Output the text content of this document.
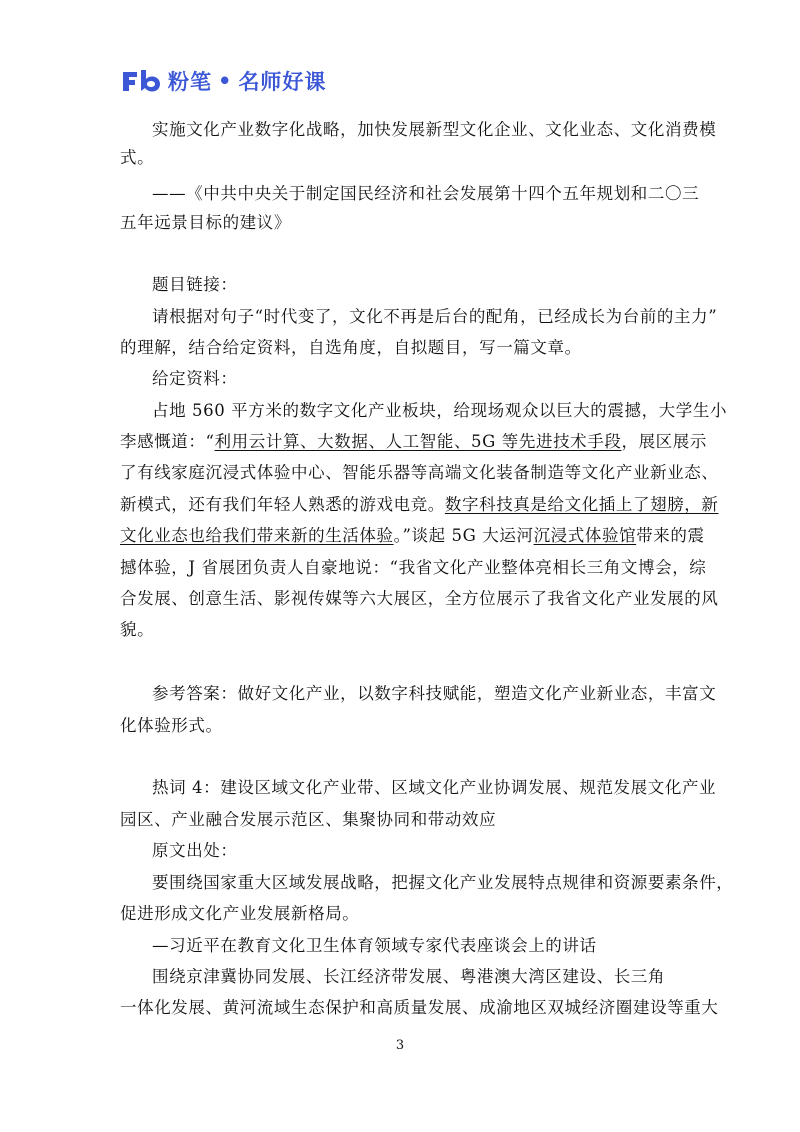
粉笔 • 名师好课
实施文化产业数字化战略，加快发展新型文化企业、文化业态、文化消费模
式。
——《中共中央关于制定国民经济和社会发展第十四个五年规划和二〇三
五年远景目标的建议》
题目链接：
请根据对句子“时代变了，文化不再是后台的配角，已经成长为台前的主力”
的理解，结合给定资料，自选角度，自拟题目，写一篇文章。
给定资料：
占地 560 平方米的数字文化产业板块，给现场观众以巨大的震撼，大学生小
李感慨道：“利用云计算、大数据、人工智能、5G 等先进技术手段，展区展示
了有线家庭沉浸式体验中心、智能乐器等高端文化装备制造等文化产业新业态、
新模式，还有我们年轻人熟悉的游戏电竞。数字科技真是给文化插上了翅膀，新
文化业态也给我们带来新的生活体验。”谈起 5G 大运河沉浸式体验馆带来的震
撼体验，J 省展团负责人自豪地说：“我省文化产业整体亮相长三角文博会，综
合发展、创意生活、影视传媒等六大展区，全方位展示了我省文化产业发展的风
貌。
参考答案：做好文化产业，以数字科技赋能，塑造文化产业新业态，丰富文
化体验形式。
热词 4：建设区域文化产业带、区域文化产业协调发展、规范发展文化产业
园区、产业融合发展示范区、集聚协同和带动效应
原文出处：
要围绕国家重大区域发展战略，把握文化产业发展特点规律和资源要素条件，
促进形成文化产业发展新格局。
—习近平在教育文化卫生体育领域专家代表座谈会上的讲话
围绕京津冀协同发展、长江经济带发展、粤港澳大湾区建设、长三角
一体化发展、黄河流域生态保护和高质量发展、成渝地区双城经济圈建设等重大
3
